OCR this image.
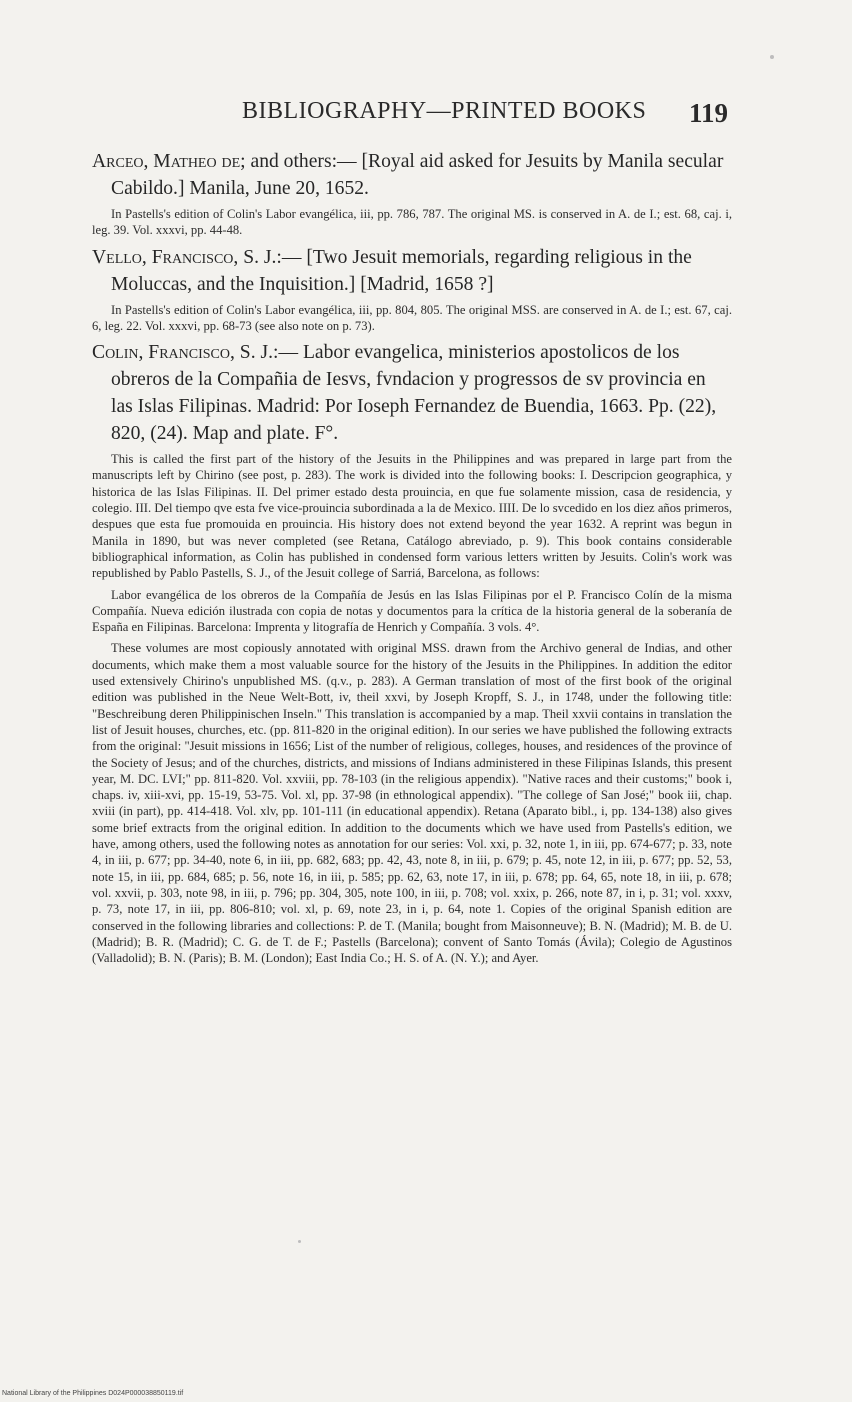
BIBLIOGRAPHY—PRINTED BOOKS 119

Arceo, Matheo de; and others:— [Royal aid asked for Jesuits by Manila secular Cabildo.] Manila, June 20, 1652.

In Pastells's edition of Colin's Labor evangélica, iii, pp. 786, 787. The original MS. is conserved in A. de I.; est. 68, caj. i, leg. 39. Vol. xxxvi, pp. 44-48.

Vello, Francisco, S. J.:— [Two Jesuit memorials, regarding religious in the Moluccas, and the Inquisition.] [Madrid, 1658 ?]

In Pastells's edition of Colin's Labor evangélica, iii, pp. 804, 805. The original MSS. are conserved in A. de I.; est. 67, caj. 6, leg. 22. Vol. xxxvi, pp. 68-73 (see also note on p. 73).

Colin, Francisco, S. J.:— Labor evangelica, ministerios apostolicos de los obreros de la Compañia de Iesvs, fvndacion y progressos de sv provincia en las Islas Filipinas. Madrid: Por Ioseph Fernandez de Buendia, 1663. Pp. (22), 820, (24). Map and plate. F°.

This is called the first part of the history of the Jesuits in the Philippines and was prepared in large part from the manuscripts left by Chirino (see post, p. 283). The work is divided into the following books: I. Descripcion geographica, y historica de las Islas Filipinas. II. Del primer estado desta prouincia, en que fue solamente mission, casa de residencia, y colegio. III. Del tiempo qve esta fve vice-prouincia subordinada a la de Mexico. IIII. De lo svcedido en los diez años primeros, despues que esta fue promouida en prouincia. His history does not extend beyond the year 1632. A reprint was begun in Manila in 1890, but was never completed (see Retana, Catálogo abreviado, p. 9). This book contains considerable bibliographical information, as Colin has published in condensed form various letters written by Jesuits. Colin's work was republished by Pablo Pastells, S. J., of the Jesuit college of Sarriá, Barcelona, as follows:

Labor evangélica de los obreros de la Compañía de Jesús en las Islas Filipinas por el P. Francisco Colín de la misma Compañía. Nueva edición ilustrada con copia de notas y documentos para la crítica de la historia general de la soberanía de España en Filipinas. Barcelona: Imprenta y litografía de Henrich y Compañía. 3 vols. 4°.

These volumes are most copiously annotated with original MSS. drawn from the Archivo general de Indias, and other documents, which make them a most valuable source for the history of the Jesuits in the Philippines. In addition the editor used extensively Chirino's unpublished MS. (q.v., p. 283). A German translation of most of the first book of the original edition was published in the Neue Welt-Bott, iv, theil xxvi, by Joseph Kropff, S. J., in 1748, under the following title: "Beschreibung deren Philippinischen Inseln." This translation is accompanied by a map. Theil xxvii contains in translation the list of Jesuit houses, churches, etc. (pp. 811-820 in the original edition). In our series we have published the following extracts from the original: "Jesuit missions in 1656; List of the number of religious, colleges, houses, and residences of the province of the Society of Jesus; and of the churches, districts, and missions of Indians administered in these Filipinas Islands, this present year, M. DC. LVI;" pp. 811-820. Vol. xxviii, pp. 78-103 (in the religious appendix). "Native races and their customs;" book i, chaps. iv, xiii-xvi, pp. 15-19, 53-75. Vol. xl, pp. 37-98 (in ethnological appendix). "The college of San José;" book iii, chap. xviii (in part), pp. 414-418. Vol. xlv, pp. 101-111 (in educational appendix). Retana (Aparato bibl., i, pp. 134-138) also gives some brief extracts from the original edition. In addition to the documents which we have used from Pastells's edition, we have, among others, used the following notes as annotation for our series: Vol. xxi, p. 32, note 1, in iii, pp. 674-677; p. 33, note 4, in iii, p. 677; pp. 34-40, note 6, in iii, pp. 682, 683; pp. 42, 43, note 8, in iii, p. 679; p. 45, note 12, in iii, p. 677; pp. 52, 53, note 15, in iii, pp. 684, 685; p. 56, note 16, in iii, p. 585; pp. 62, 63, note 17, in iii, p. 678; pp. 64, 65, note 18, in iii, p. 678; vol. xxvii, p. 303, note 98, in iii, p. 796; pp. 304, 305, note 100, in iii, p. 708; vol. xxix, p. 266, note 87, in i, p. 31; vol. xxxv, p. 73, note 17, in iii, pp. 806-810; vol. xl, p. 69, note 23, in i, p. 64, note 1. Copies of the original Spanish edition are conserved in the following libraries and collections: P. de T. (Manila; bought from Maisonneuve); B. N. (Madrid); M. B. de U. (Madrid); B. R. (Madrid); C. G. de T. de F.; Pastells (Barcelona); convent of Santo Tomás (Ávila); Colegio de Agustinos (Valladolid); B. N. (Paris); B. M. (London); East India Co.; H. S. of A. (N. Y.); and Ayer.

National Library of the Philippines D024P000038850119.tif
